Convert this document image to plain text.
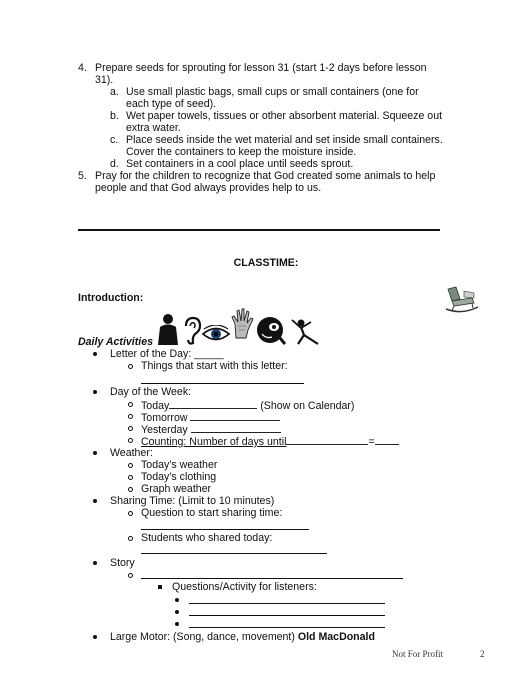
4. Prepare seeds for sprouting for lesson 31 (start 1-2 days before lesson
31).
a. Use small plastic bags, small cups or small containers (one for
each type of seed).
b. Wet paper towels, tissues or other absorbent material. Squeeze out
extra water.
c. Place seeds inside the wet material and set inside small containers.
Cover the containers to keep the moisture inside.
d. Set containers in a cool place until seeds sprout.
5. Pray for the children to recognize that God created some animals to help
people and that God always provides help to us.
CLASSTIME:
Introduction:
Daily Activities
Letter of the Day: _____
Things that start with this letter:
Day of the Week:
Today	(Show on Calendar)
Tomorrow
Yesterday
Counting: Number of days until	=
Weather:
Today’s weather
Today’s clothing
Graph weather
Sharing Time: (Limit to 10 minutes)
Question to start sharing time:
Students who shared today:
Story
Questions/Activity for listeners:
Large Motor: (Song, dance, movement) Old MacDonald
Not For Profit	2
